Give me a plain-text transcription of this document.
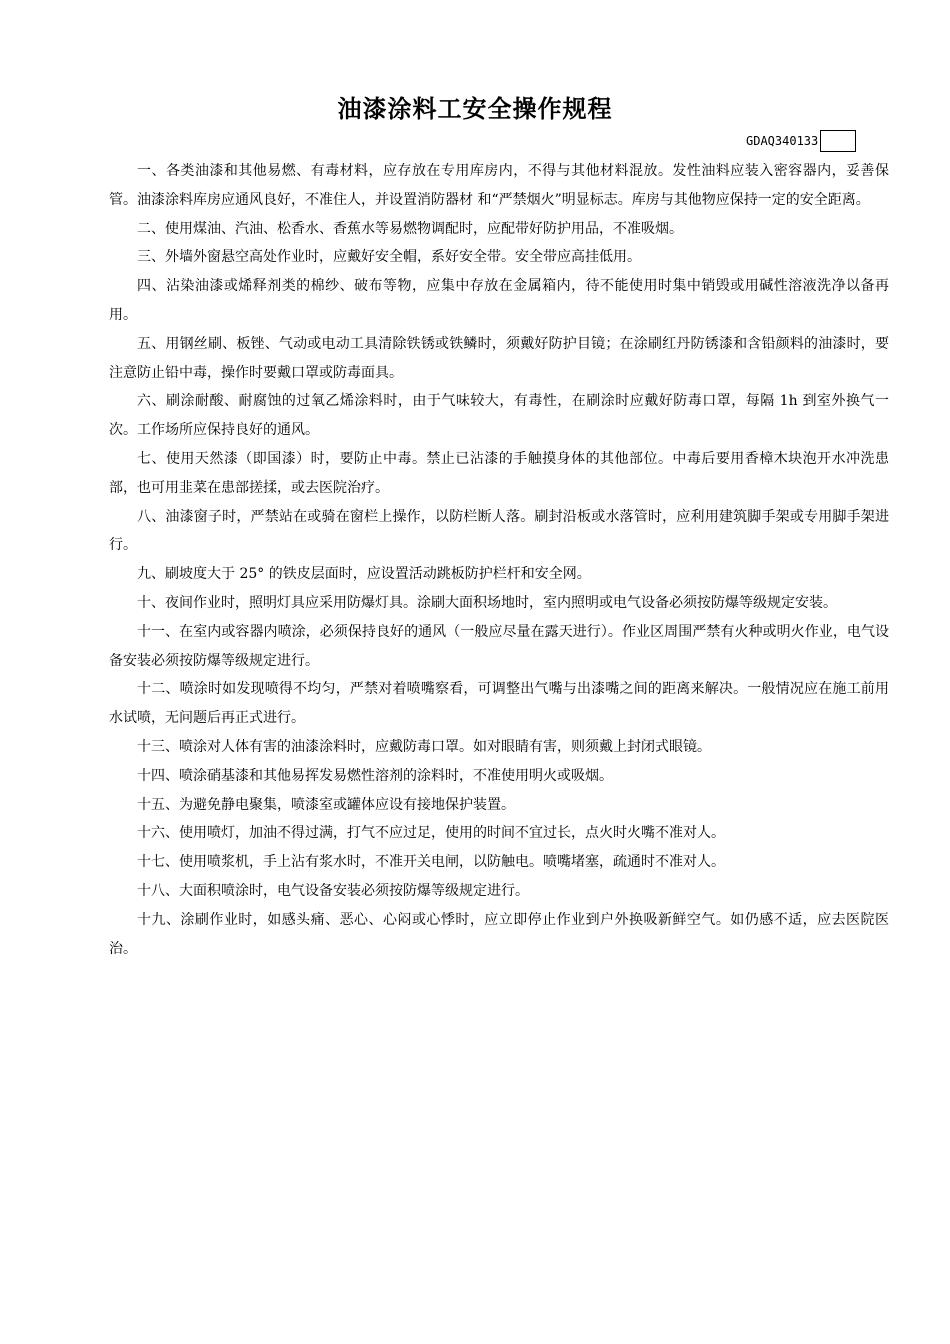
油漆涂料工安全操作规程
GDAQ340133

一、各类油漆和其他易燃、有毒材料，应存放在专用库房内，不得与其他材料混放。发性油料应装入密容器内，妥善保管。油漆涂料库房应通风良好，不准住人，并设置消防器材 和“严禁烟火”明显标志。库房与其他物应保持一定的安全距离。

二、使用煤油、汽油、松香水、香蕉水等易燃物调配时，应配带好防护用品，不准吸烟。

三、外墙外窗悬空高处作业时，应戴好安全帽，系好安全带。安全带应高挂低用。

四、沾染油漆或烯释剂类的棉纱、破布等物，应集中存放在金属箱内，待不能使用时集中销毁或用碱性溶液洗净以备再用。

五、用钢丝刷、板锉、气动或电动工具清除铁锈或铁鳞时，须戴好防护目镜；在涂刷红丹防锈漆和含铅颜料的油漆时，要注意防止铅中毒，操作时要戴口罩或防毒面具。

六、刷涂耐酸、耐腐蚀的过氧乙烯涂料时，由于气味较大，有毒性，在刷涂时应戴好防毒口罩，每隔 1h 到室外换气一次。工作场所应保持良好的通风。

七、使用天然漆（即国漆）时，要防止中毒。禁止已沾漆的手触摸身体的其他部位。中毒后要用香樟木块泡开水冲洗患部，也可用韭菜在患部搓揉，或去医院治疗。

八、油漆窗子时，严禁站在或骑在窗栏上操作，以防栏断人落。刷封沿板或水落管时，应利用建筑脚手架或专用脚手架进行。

九、刷坡度大于 25° 的铁皮层面时，应设置活动跳板防护栏杆和安全网。

十、夜间作业时，照明灯具应采用防爆灯具。涂刷大面积场地时，室内照明或电气设备必须按防爆等级规定安装。

十一、在室内或容器内喷涂，必须保持良好的通风（一般应尽量在露天进行）。作业区周围严禁有火种或明火作业，电气设备安装必须按防爆等级规定进行。

十二、喷涂时如发现喷得不均匀，严禁对着喷嘴察看，可调整出气嘴与出漆嘴之间的距离来解决。一般情况应在施工前用水试喷，无问题后再正式进行。

十三、喷涂对人体有害的油漆涂料时，应戴防毒口罩。如对眼睛有害，则须戴上封闭式眼镜。

十四、喷涂硝基漆和其他易挥发易燃性溶剂的涂料时，不准使用明火或吸烟。

十五、为避免静电聚集，喷漆室或罐体应设有接地保护装置。

十六、使用喷灯，加油不得过满，打气不应过足，使用的时间不宜过长，点火时火嘴不准对人。

十七、使用喷浆机，手上沾有浆水时，不准开关电闸，以防触电。喷嘴堵塞，疏通时不准对人。

十八、大面积喷涂时，电气设备安装必须按防爆等级规定进行。

十九、涂刷作业时，如感头痛、恶心、心闷或心悸时，应立即停止作业到户外换吸新鲜空气。如仍感不适，应去医院医治。
